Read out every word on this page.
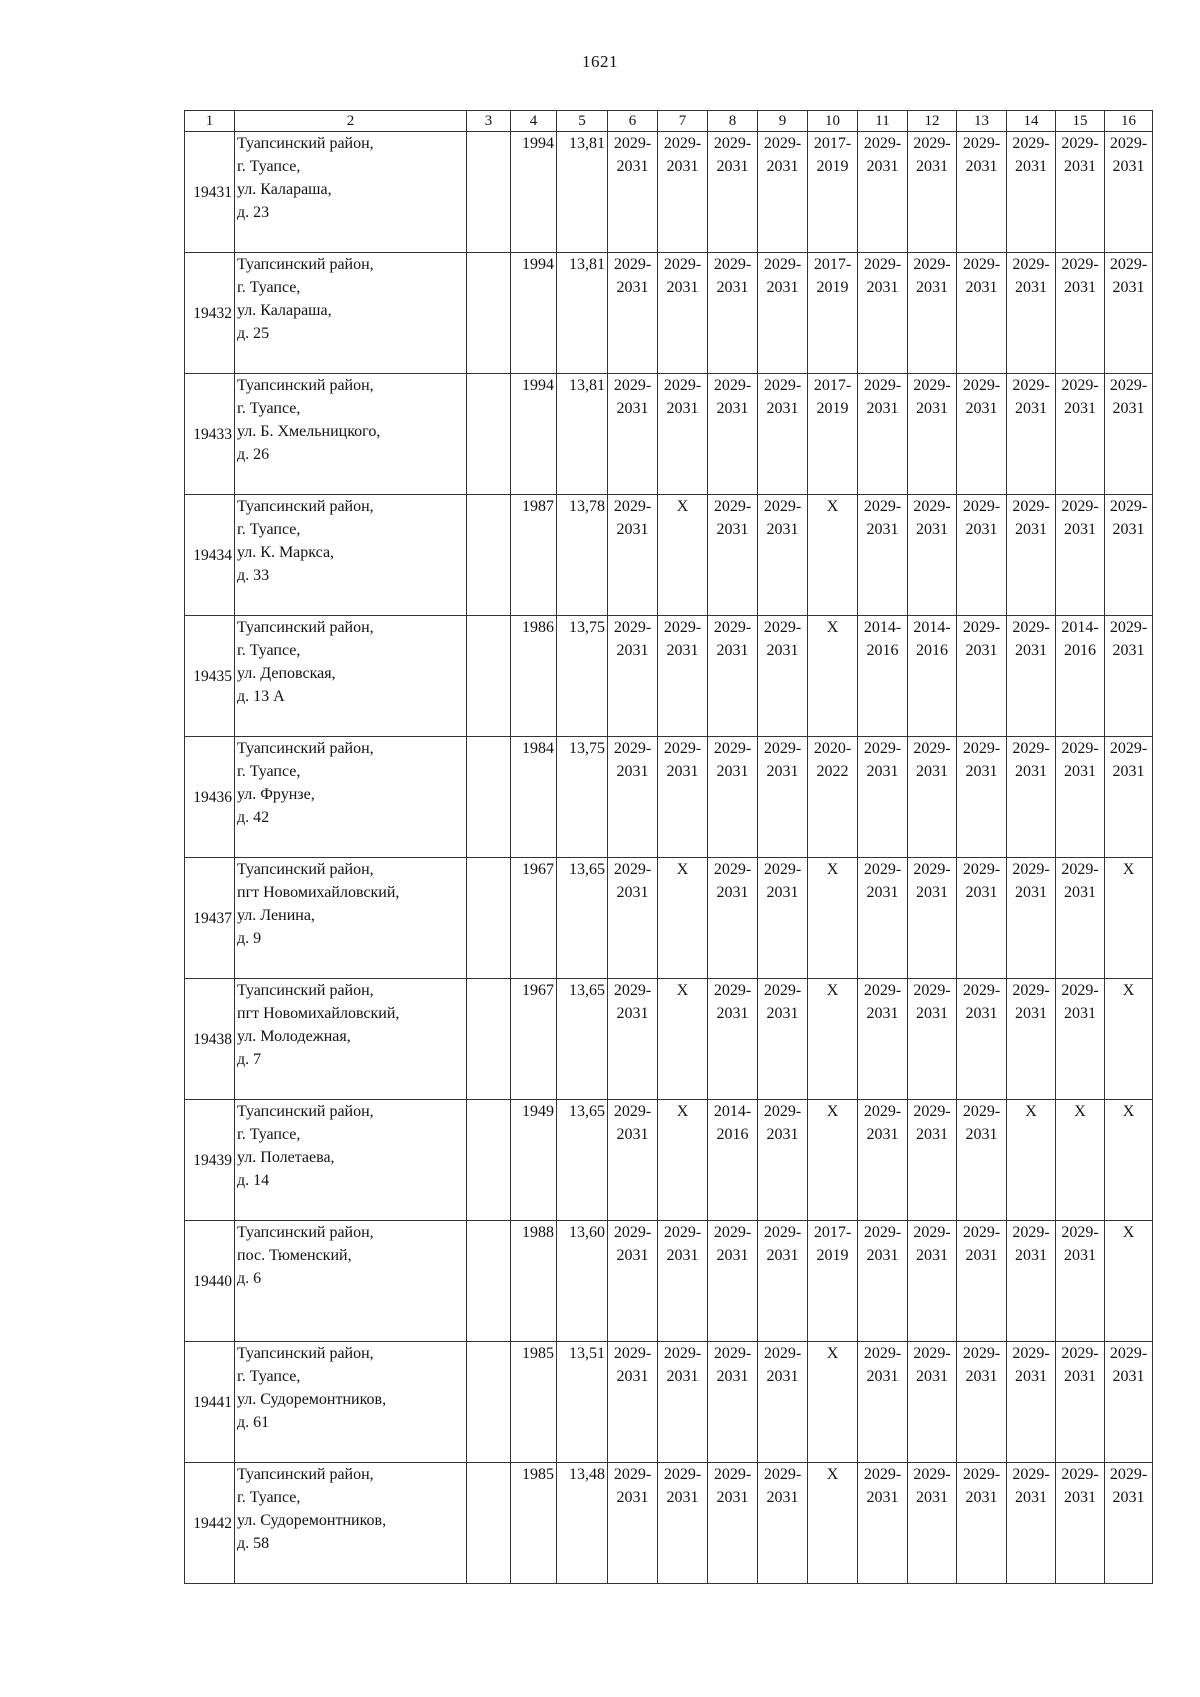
1621
1	2	3	4	5	6	7	8	9	10	11	12	13	14	15	16
19431	Туапсинский район,
г. Туапсе,
ул. Калараша,
д. 23		1994	13,81	2029-
2031	2029-
2031	2029-
2031	2029-
2031	2017-
2019	2029-
2031	2029-
2031	2029-
2031	2029-
2031	2029-
2031	2029-
2031
19432	Туапсинский район,
г. Туапсе,
ул. Калараша,
д. 25		1994	13,81	2029-
2031	2029-
2031	2029-
2031	2029-
2031	2017-
2019	2029-
2031	2029-
2031	2029-
2031	2029-
2031	2029-
2031	2029-
2031
19433	Туапсинский район,
г. Туапсе,
ул. Б. Хмельницкого,
д. 26		1994	13,81	2029-
2031	2029-
2031	2029-
2031	2029-
2031	2017-
2019	2029-
2031	2029-
2031	2029-
2031	2029-
2031	2029-
2031	2029-
2031
19434	Туапсинский район,
г. Туапсе,
ул. К. Маркса,
д. 33		1987	13,78	2029-
2031	Х	2029-
2031	2029-
2031	Х	2029-
2031	2029-
2031	2029-
2031	2029-
2031	2029-
2031	2029-
2031
19435	Туапсинский район,
г. Туапсе,
ул. Деповская,
д. 13 А		1986	13,75	2029-
2031	2029-
2031	2029-
2031	2029-
2031	Х	2014-
2016	2014-
2016	2029-
2031	2029-
2031	2014-
2016	2029-
2031
19436	Туапсинский район,
г. Туапсе,
ул. Фрунзе,
д. 42		1984	13,75	2029-
2031	2029-
2031	2029-
2031	2029-
2031	2020-
2022	2029-
2031	2029-
2031	2029-
2031	2029-
2031	2029-
2031	2029-
2031
19437	Туапсинский район,
пгт Новомихайловский,
ул. Ленина,
д. 9		1967	13,65	2029-
2031	Х	2029-
2031	2029-
2031	Х	2029-
2031	2029-
2031	2029-
2031	2029-
2031	2029-
2031	Х
19438	Туапсинский район,
пгт Новомихайловский,
ул. Молодежная,
д. 7		1967	13,65	2029-
2031	Х	2029-
2031	2029-
2031	Х	2029-
2031	2029-
2031	2029-
2031	2029-
2031	2029-
2031	Х
19439	Туапсинский район,
г. Туапсе,
ул. Полетаева,
д. 14		1949	13,65	2029-
2031	Х	2014-
2016	2029-
2031	Х	2029-
2031	2029-
2031	2029-
2031	Х	Х	Х
19440	Туапсинский район,
пос. Тюменский,
д. 6		1988	13,60	2029-
2031	2029-
2031	2029-
2031	2029-
2031	2017-
2019	2029-
2031	2029-
2031	2029-
2031	2029-
2031	2029-
2031	Х
19441	Туапсинский район,
г. Туапсе,
ул. Судоремонтников,
д. 61		1985	13,51	2029-
2031	2029-
2031	2029-
2031	2029-
2031	Х	2029-
2031	2029-
2031	2029-
2031	2029-
2031	2029-
2031	2029-
2031
19442	Туапсинский район,
г. Туапсе,
ул. Судоремонтников,
д. 58		1985	13,48	2029-
2031	2029-
2031	2029-
2031	2029-
2031	Х	2029-
2031	2029-
2031	2029-
2031	2029-
2031	2029-
2031	2029-
2031
